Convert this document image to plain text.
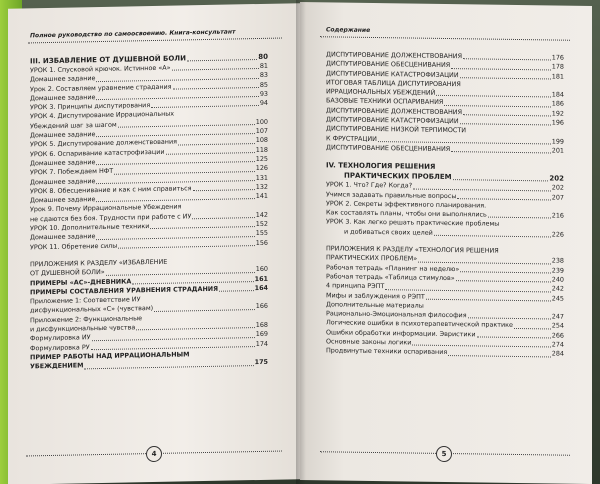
Полное руководство по самоосвоению. Книга-консультант
III. ИЗБАВЛЕНИЕ ОТ ДУШЕВНОЙ БОЛИ	80
УРОК 1. Спусковой крючок. Истинное «А»	81
Домашнее задание	83
Урок 2. Составляем уравнение страдания	85
Домашнее задание	93
УРОК 3. Принципы диспутирования	94
УРОК 4. Диспутирование Иррациональных
Убеждений шаг за шагом	100
Домашнее задание	107
УРОК 5. Диспутирование долженствования	108
УРОК 6. Оспаривание катастрофизации	118
Домашнее задание	125
УРОК 7. Побеждаем НФТ	126
Домашнее задание	131
УРОК 8. Обесценивание и как с ним справиться	132
Домашнее задание	141
Урок 9. Почему Иррациональные Убеждения
не сдаются без боя. Трудности при работе с ИУ	142
УРОК 10. Дополнительные техники	152
Домашнее задание	155
УРОК 11. Обретение силы	156
ПРИЛОЖЕНИЯ К РАЗДЕЛУ «ИЗБАВЛЕНИЕ
ОТ ДУШЕВНОЙ БОЛИ»	160
ПРИМЕРЫ «АС»-ДНЕВНИКА	161
ПРИМЕРЫ СОСТАВЛЕНИЯ УРАВНЕНИЯ СТРАДАНИЯ	164
Приложение 1: Соответствие ИУ
дисфункциональных «С» (чувствам)	166
Приложение 2: Функциональные
и дисфункциональные чувства	168
Формулировка ИУ	169
Формулировка РУ	174
ПРИМЕР РАБОТЫ НАД ИРРАЦИОНАЛЬНЫМ
УБЕЖДЕНИЕМ	175
4
Содержание
ДИСПУТИРОВАНИЕ ДОЛЖЕНСТВОВАНИЯ	176
ДИСПУТИРОВАНИЕ ОБЕСЦЕНИВАНИЯ	178
ДИСПУТИРОВАНИЕ КАТАСТРОФИЗАЦИИ	181
ИТОГОВАЯ ТАБЛИЦА ДИСПУТИРОВАНИЯ
ИРРАЦИОНАЛЬНЫХ УБЕЖДЕНИЙ	184
БАЗОВЫЕ ТЕХНИКИ ОСПАРИВАНИЯ	186
ДИСПУТИРОВАНИЕ ДОЛЖЕНСТВОВАНИЯ	192
ДИСПУТИРОВАНИЕ КАТАСТРОФИЗАЦИИ	196
ДИСПУТИРОВАНИЕ НИЗКОЙ ТЕРПИМОСТИ
К ФРУСТРАЦИИ	199
ДИСПУТИРОВАНИЕ ОБЕСЦЕНИВАНИЯ	201
IV. ТЕХНОЛОГИЯ РЕШЕНИЯ
ПРАКТИЧЕСКИХ ПРОБЛЕМ	202
УРОК 1. Что? Где? Когда?	202
Учимся задавать правильные вопросы	207
УРОК 2. Секреты эффективного планирования.
Как составлять планы, чтобы они выполнялись	216
УРОК 3. Как легко решать практические проблемы
и добиваться своих целей	226
ПРИЛОЖЕНИЯ К РАЗДЕЛУ «ТЕХНОЛОГИЯ РЕШЕНИЯ
ПРАКТИЧЕСКИХ ПРОБЛЕМ»	238
Рабочая тетрадь «Планинг на неделю»	239
Рабочая тетрадь «Таблица стимулов»	240
4 принципа РЭПТ	242
Мифы и заблуждения о РЭПТ	245
Дополнительные материалы
Рационально-Эмоциональная философия	247
Логические ошибки в психотерапевтической практике	254
Ошибки обработки информации. Эвристики	266
Основные законы логики	274
Продвинутые техники оспаривания	284
5
